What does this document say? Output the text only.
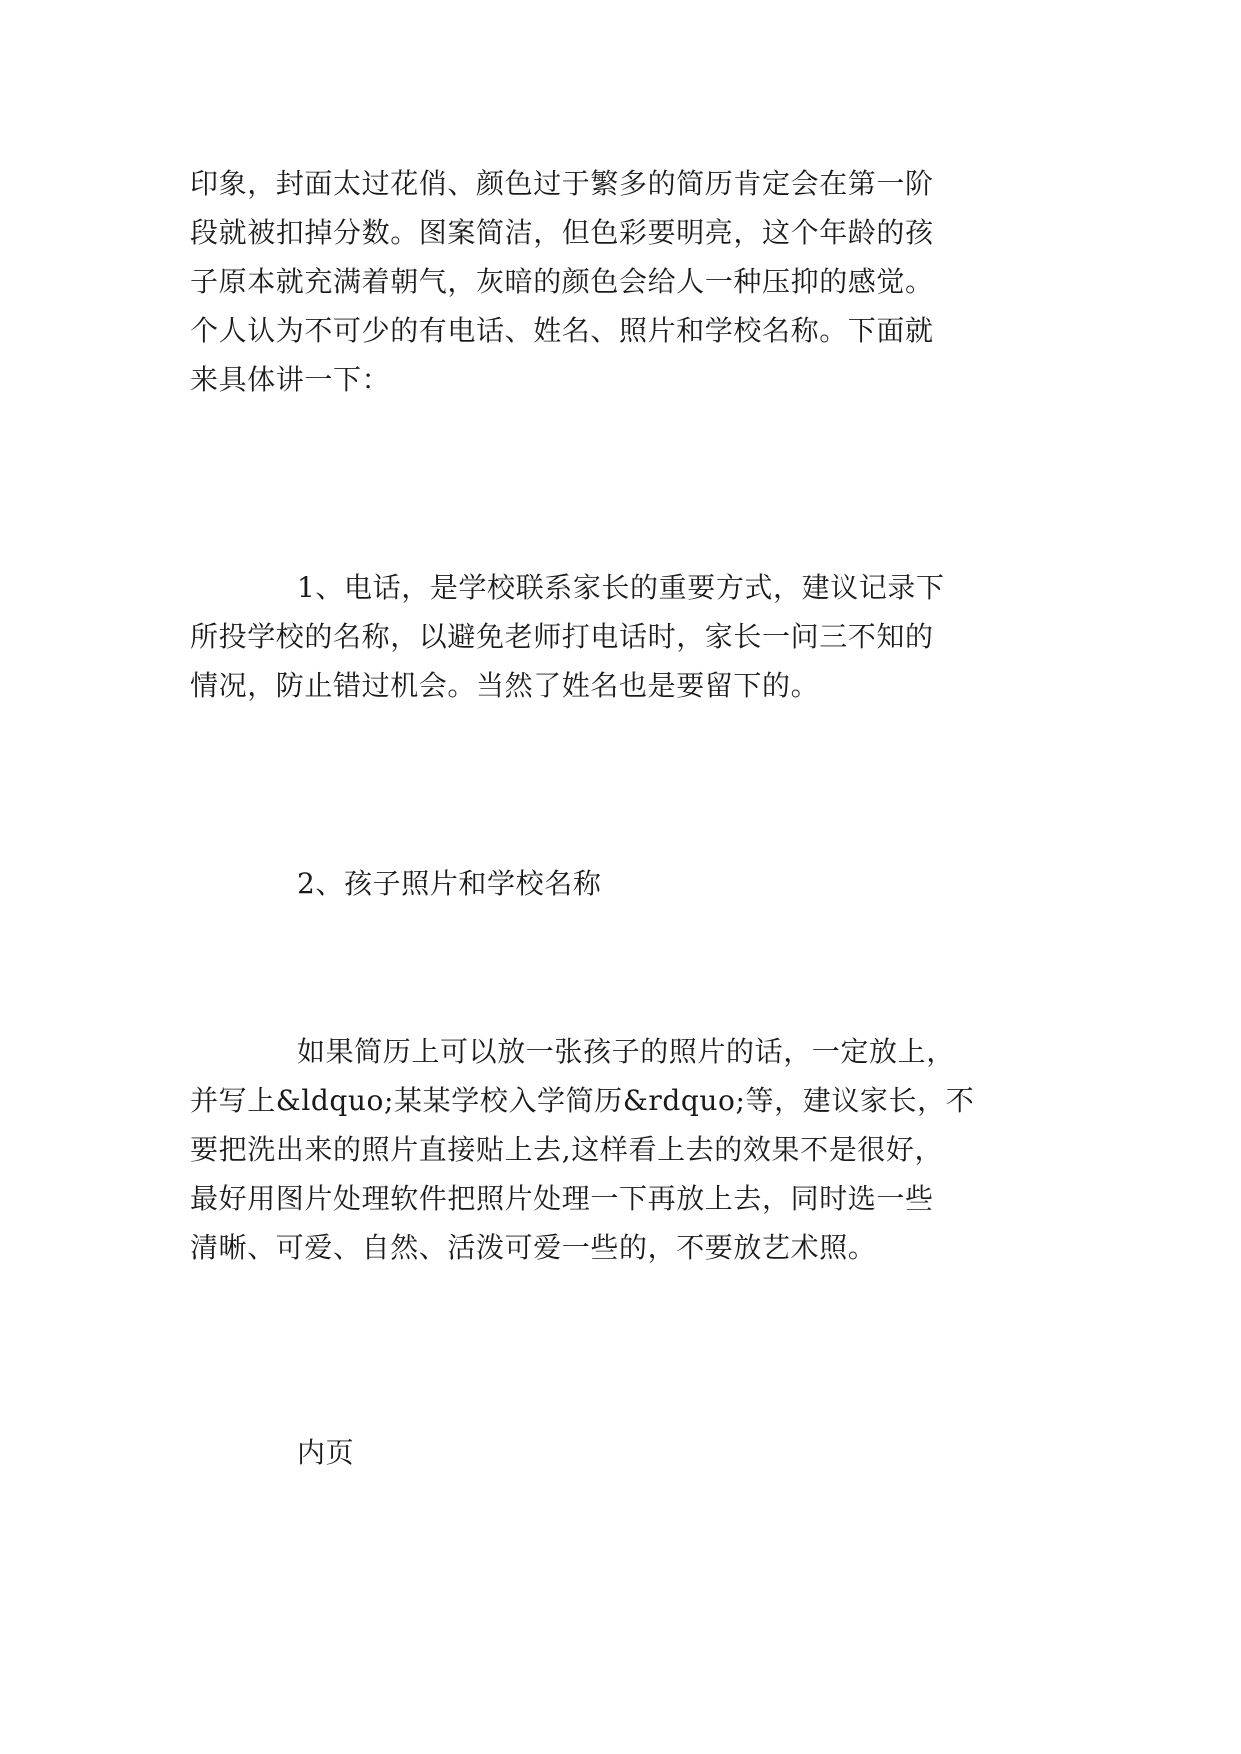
印象，封面太过花俏、颜色过于繁多的简历肯定会在第一阶

段就被扣掉分数。图案简洁，但色彩要明亮，这个年龄的孩

子原本就充满着朝气，灰暗的颜色会给人一种压抑的感觉。

个人认为不可少的有电话、姓名、照片和学校名称。下面就

来具体讲一下：

1、电话，是学校联系家长的重要方式，建议记录下

所投学校的名称，以避免老师打电话时，家长一问三不知的

情况，防止错过机会。当然了姓名也是要留下的。

2、孩子照片和学校名称

如果简历上可以放一张孩子的照片的话，一定放上，

并写上&ldquo;某某学校入学简历&rdquo;等，建议家长，不

要把洗出来的照片直接贴上去,这样看上去的效果不是很好，

最好用图片处理软件把照片处理一下再放上去，同时选一些

清晰、可爱、自然、活泼可爱一些的，不要放艺术照。

内页
